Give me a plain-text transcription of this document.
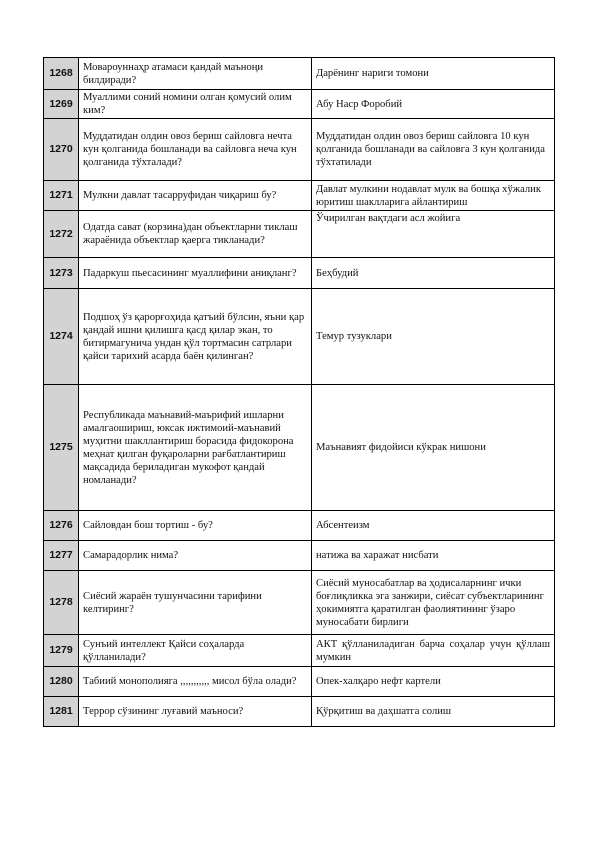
1268	Мовароуннаҳр атамаси қандай маъноңи билдиради?	Дарёнинг нариги томони
1269	Муаллими соний номини олган қомусий олим ким?	Абу Наср Форобий
1270	Муддатидан олдин овоз бериш сайловга нечта кун қолганида бошланади ва сайловга неча кун қолганида тўхталади?	Муддатидан олдин овоз бериш сайловга 10 кун қолганида бошланади ва сайловга 3 кун қолганида тўхтатилади
1271	Мулкни давлат тасарруфидан чиқариш бу?	Давлат мулкини нодавлат мулк ва бошқа хўжалик юритиш шаклларига айлантириш
1272	Одатда сават (корзина)дан объектларни тиклаш жараёнида объектлар қаерга тикланади?	Ўчирилган вақтдаги асл жойига
1273	Падаркуш пьесасининг муаллифини аниқланг?	Беҳбудий
1274	Подшоҳ ўз қарорғоҳида қатъий бўлсин, яъни қар қандай ишни қилишга қасд қилар экан, то битирмагунича ундан қўл тортмасин сатрлари қайси тарихий асарда баён қилинган?	Темур тузуклари
1275	Республикада маънавий-маърифий ишларни амалгаошириш, юксак ижтимоий-маънавий муҳитни шакллантириш борасида фидокорона меҳнат қилган фуқароларни рағбатлантириш мақсадида бериладиган мукофот қандай номланади?	Маънавият фидойиси кўкрак нишони
1276	Сайловдан бош тортиш - бу?	Абсентеизм
1277	Самарадорлик нима?	натижа ва харажат нисбати
1278	Сиёсий жараён тушунчасини тарифини келтиринг?	Сиёсий муносабатлар ва ҳодисаларнинг ички боғлиқликка эга занжири, сиёсат субъектларининг ҳокимиятга қаратилган фаолиятининг ўзаро муносабати бирлиги
1279	Сунъий интеллект Қайси соҳаларда қўлланилади?	АКТ қўлланиладиган барча соҳалар учун қўллаш мумкин
1280	Табиий монополияга ,,,,,,,,,,, мисол бўла олади?	Опек-халқаро нефт картели
1281	Террор сўзининг луғавий маъноси?	Қўрқитиш ва даҳшатга солиш
